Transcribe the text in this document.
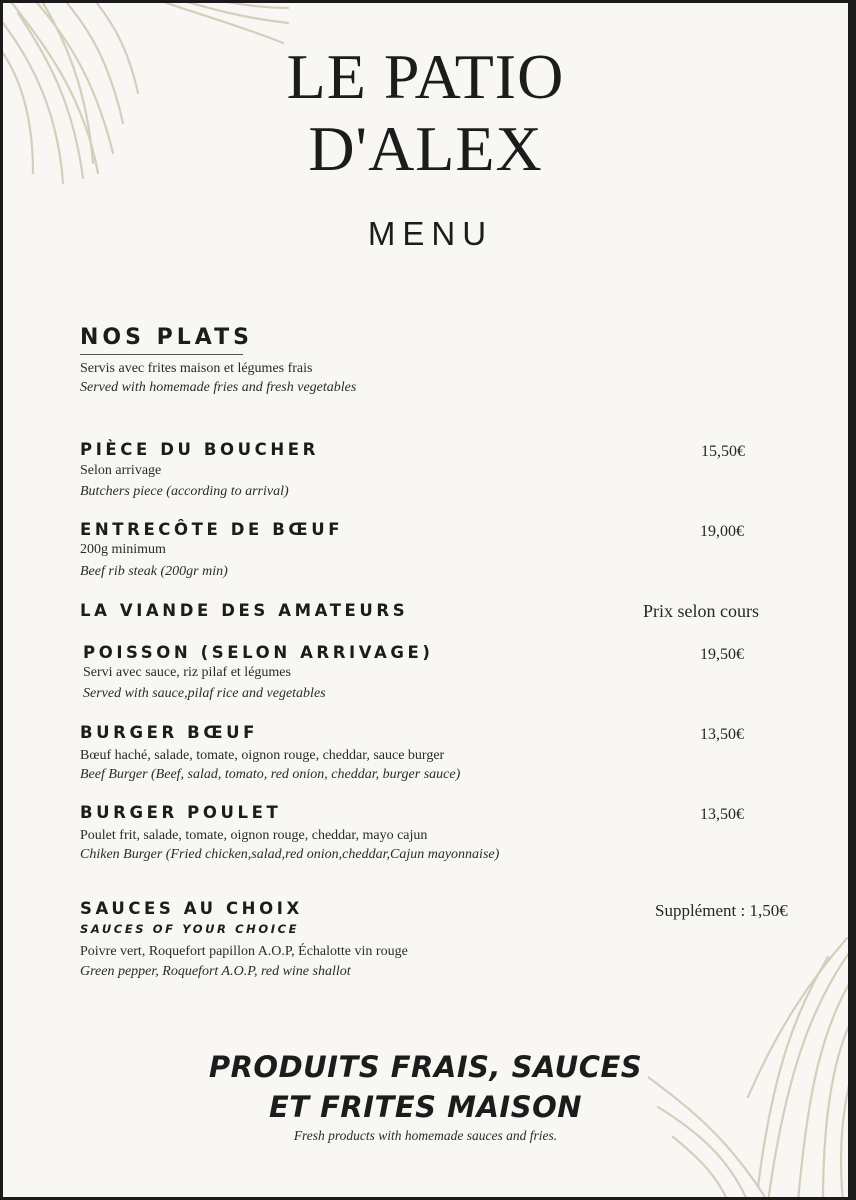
LE PATIO
D'ALEX
MENU
NOS PLATS
Servis avec frites maison et légumes frais
Served with homemade fries and fresh vegetables
PIÈCE DU BOUCHER
Selon arrivage
Butchers piece (according to arrival)
15,50€
ENTRECÔTE DE BŒUF
200g minimum
Beef rib steak (200gr min)
19,00€
LA VIANDE DES AMATEURS	Prix selon cours
POISSON (SELON ARRIVAGE)
Servi avec sauce, riz pilaf et légumes
Served with sauce,pilaf rice and vegetables
19,50€
BURGER BŒUF
Bœuf haché, salade, tomate, oignon rouge, cheddar, sauce burger
Beef Burger (Beef, salad, tomato, red onion, cheddar, burger sauce)
13,50€
BURGER POULET
Poulet frit, salade, tomate, oignon rouge, cheddar, mayo cajun
Chiken Burger (Fried chicken,salad,red onion,cheddar,Cajun mayonnaise)
13,50€
SAUCES AU CHOIX
SAUCES OF YOUR CHOICE
Poivre vert, Roquefort papillon A.O.P, Échalotte vin rouge
Green pepper, Roquefort A.O.P, red wine shallot
Supplément : 1,50€
PRODUITS FRAIS, SAUCES
ET FRITES MAISON
Fresh products with homemade sauces and fries.
